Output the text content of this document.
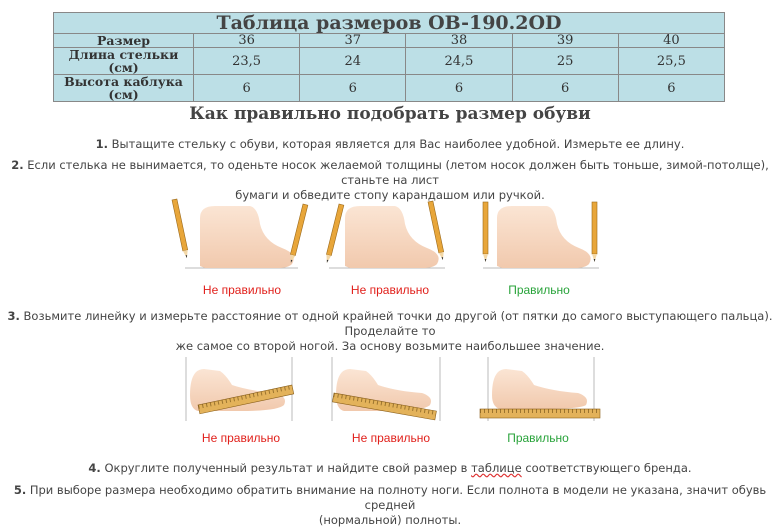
Таблица размеров OB-190.2OD					
Размер	36	37	38	39	40
Длина стельки (см)	23,5	24	24,5	25	25,5
Высота каблука (см)	6	6	6	6	6
Как правильно подобрать размер обуви
1. Вытащите стельку с обуви, которая является для Вас наиболее удобной. Измерьте ее длину.
2. Если стелька не вынимается, то оденьте носок желаемой толщины (летом носок должен быть тоньше, зимой-потолще), станьте на лист
бумаги и обведите стопу карандашом или ручкой.
Не правильно	Не правильно	Правильно
3. Возьмите линейку и измерьте расстояние от одной крайней точки до другой (от пятки до самого выступающего пальца). Проделайте то
же самое со второй ногой. За основу возьмите наибольшее значение.
Не правильно	Не правильно	Правильно
4. Округлите полученный результат и найдите свой размер в таблице соответствующего бренда.
5. При выборе размера необходимо обратить внимание на полноту ноги. Если полнота в модели не указана, значит обувь средней
(нормальной) полноты.
